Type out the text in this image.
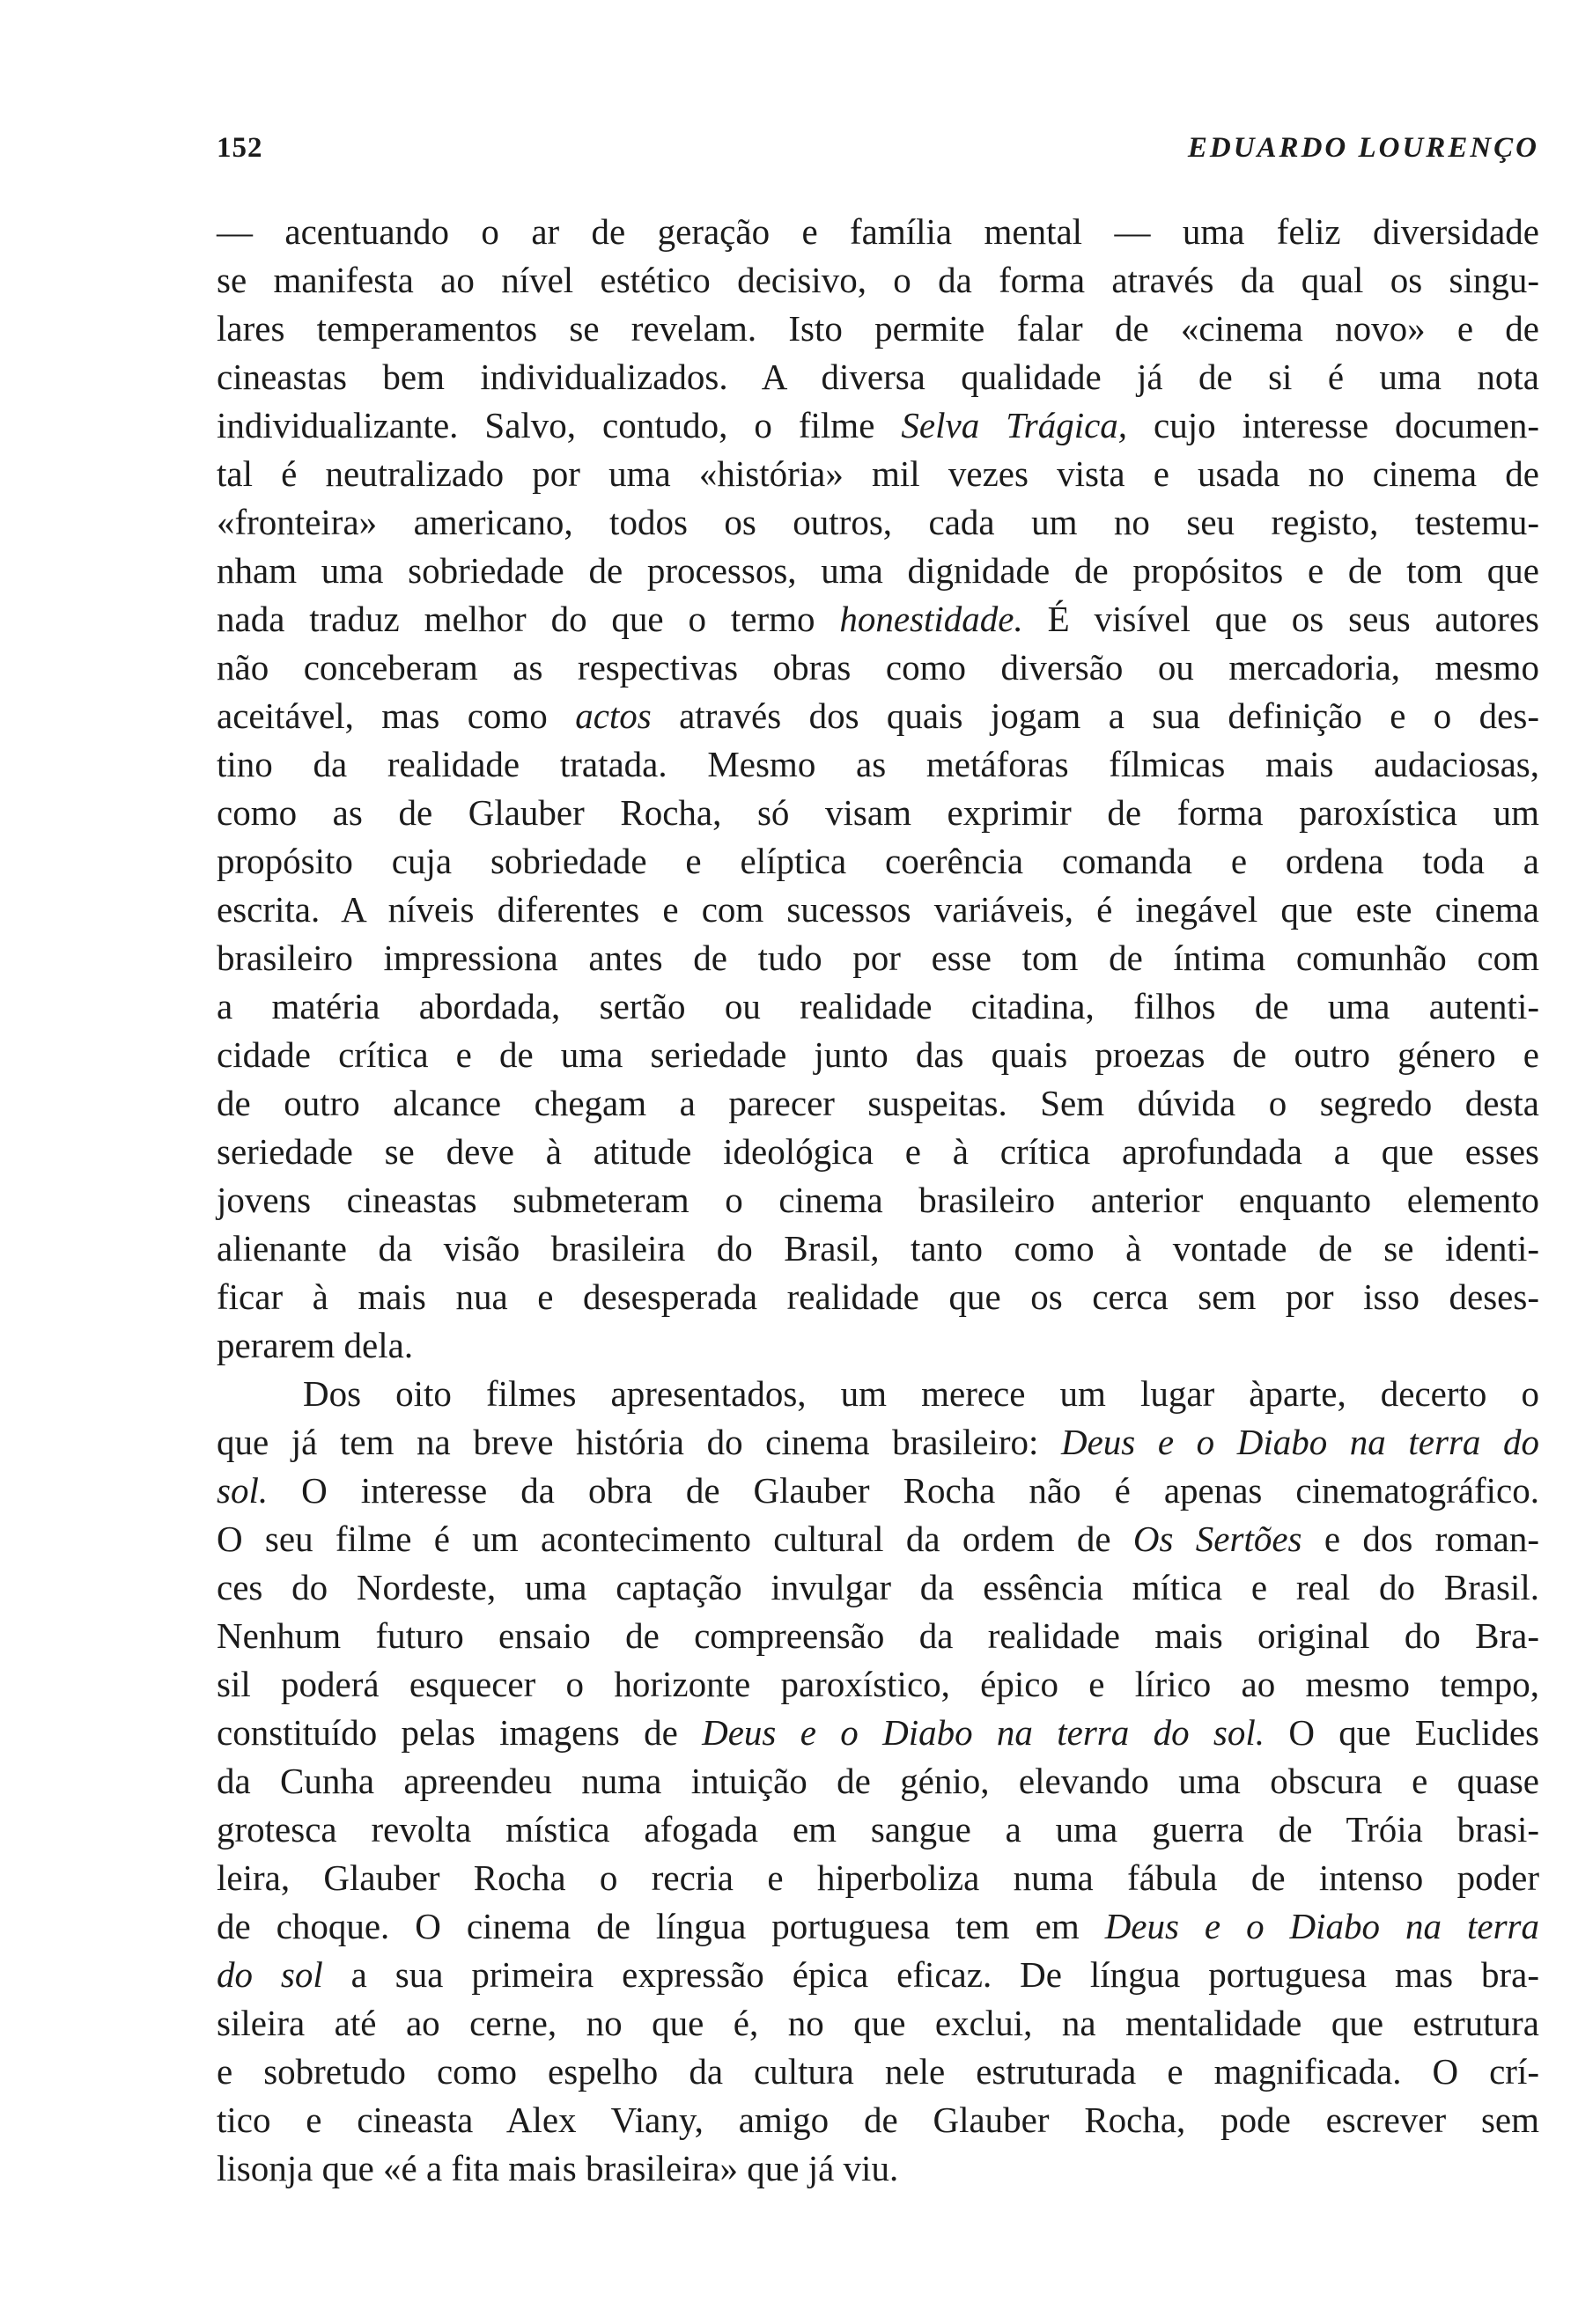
152	EDUARDO LOURENÇO
— acentuando o ar de geração e família mental — uma feliz diversidade
se manifesta ao nível estético decisivo, o da forma através da qual os singu-
lares temperamentos se revelam. Isto permite falar de «cinema novo» e de
cineastas bem individualizados. A diversa qualidade já de si é uma nota
individualizante. Salvo, contudo, o filme Selva Trágica, cujo interesse documen-
tal é neutralizado por uma «história» mil vezes vista e usada no cinema de
«fronteira» americano, todos os outros, cada um no seu registo, testemu-
nham uma sobriedade de processos, uma dignidade de propósitos e de tom que
nada traduz melhor do que o termo honestidade. É visível que os seus autores
não conceberam as respectivas obras como diversão ou mercadoria, mesmo
aceitável, mas como actos através dos quais jogam a sua definição e o des-
tino da realidade tratada. Mesmo as metáforas fílmicas mais audaciosas,
como as de Glauber Rocha, só visam exprimir de forma paroxística um
propósito cuja sobriedade e elíptica coerência comanda e ordena toda a
escrita. A níveis diferentes e com sucessos variáveis, é inegável que este cinema
brasileiro impressiona antes de tudo por esse tom de íntima comunhão com
a matéria abordada, sertão ou realidade citadina, filhos de uma autenti-
cidade crítica e de uma seriedade junto das quais proezas de outro género e
de outro alcance chegam a parecer suspeitas. Sem dúvida o segredo desta
seriedade se deve à atitude ideológica e à crítica aprofundada a que esses
jovens cineastas submeteram o cinema brasileiro anterior enquanto elemento
alienante da visão brasileira do Brasil, tanto como à vontade de se identi-
ficar à mais nua e desesperada realidade que os cerca sem por isso deses-
perarem dela.
Dos oito filmes apresentados, um merece um lugar àparte, decerto o
que já tem na breve história do cinema brasileiro: Deus e o Diabo na terra do
sol. O interesse da obra de Glauber Rocha não é apenas cinematográfico.
O seu filme é um acontecimento cultural da ordem de Os Sertões e dos roman-
ces do Nordeste, uma captação invulgar da essência mítica e real do Brasil.
Nenhum futuro ensaio de compreensão da realidade mais original do Bra-
sil poderá esquecer o horizonte paroxístico, épico e lírico ao mesmo tempo,
constituído pelas imagens de Deus e o Diabo na terra do sol. O que Euclides
da Cunha apreendeu numa intuição de génio, elevando uma obscura e quase
grotesca revolta mística afogada em sangue a uma guerra de Tróia brasi-
leira, Glauber Rocha o recria e hiperboliza numa fábula de intenso poder
de choque. O cinema de língua portuguesa tem em Deus e o Diabo na terra
do sol a sua primeira expressão épica eficaz. De língua portuguesa mas bra-
sileira até ao cerne, no que é, no que exclui, na mentalidade que estrutura
e sobretudo como espelho da cultura nele estruturada e magnificada. O crí-
tico e cineasta Alex Viany, amigo de Glauber Rocha, pode escrever sem
lisonja que «é a fita mais brasileira» que já viu.
